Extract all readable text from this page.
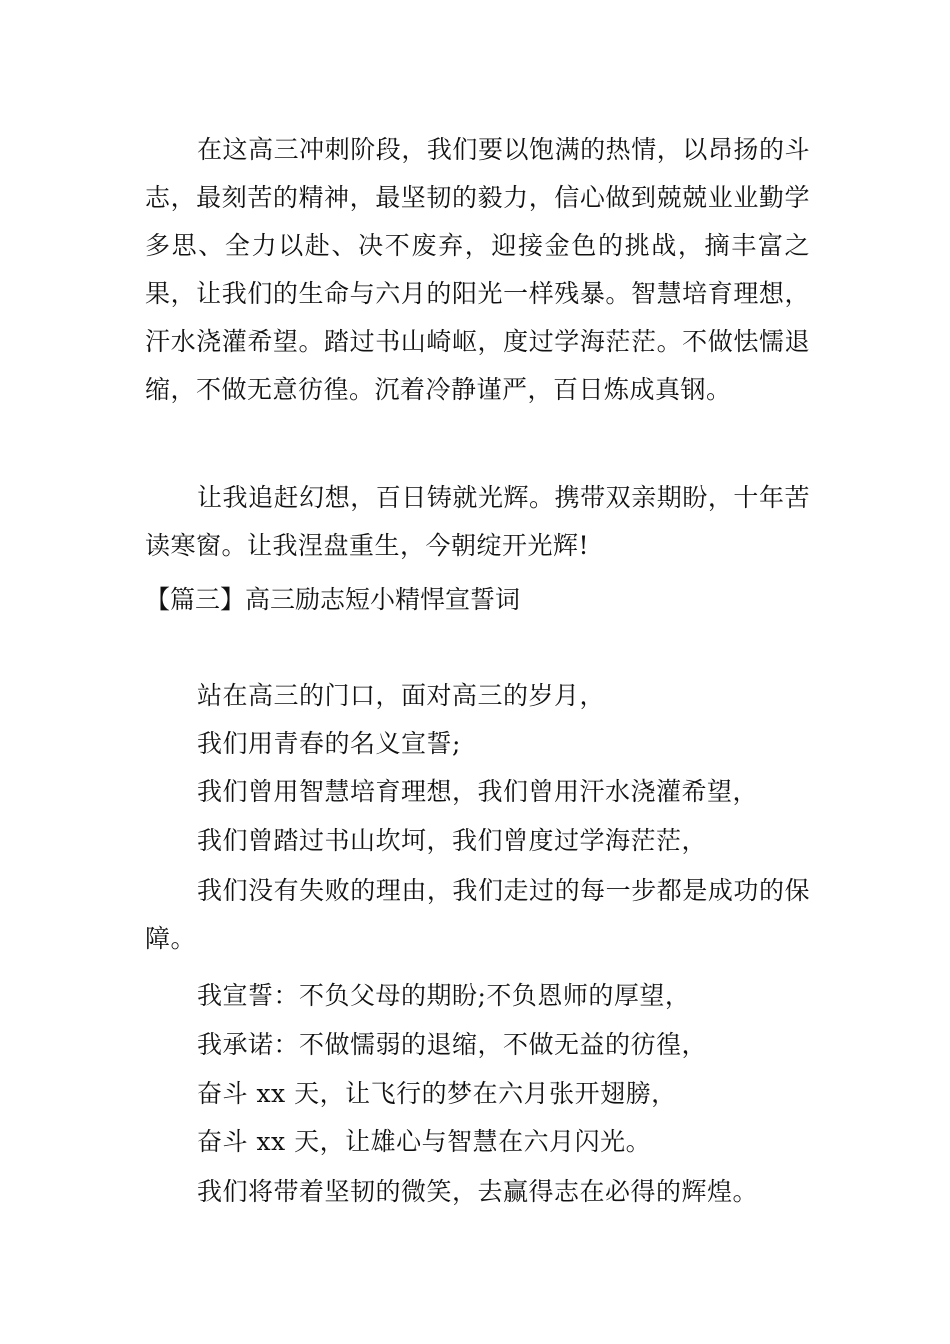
在这高三冲刺阶段，我们要以饱满的热情，以昂扬的斗志，最刻苦的精神，最坚韧的毅力，信心做到兢兢业业勤学多思、全力以赴、决不废弃，迎接金色的挑战，摘丰富之果，让我们的生命与六月的阳光一样残暴。智慧培育理想，汗水浇灌希望。踏过书山崎岖，度过学海茫茫。不做怯懦退缩，不做无意彷徨。沉着冷静谨严，百日炼成真钢。

让我追赶幻想，百日铸就光辉。携带双亲期盼，十年苦读寒窗。让我涅盘重生，今朝绽开光辉!

【篇三】高三励志短小精悍宣誓词

站在高三的门口，面对高三的岁月，

我们用青春的名义宣誓;

我们曾用智慧培育理想，我们曾用汗水浇灌希望，

我们曾踏过书山坎坷，我们曾度过学海茫茫，

我们没有失败的理由，我们走过的每一步都是成功的保障。

我宣誓：不负父母的期盼;不负恩师的厚望，

我承诺：不做懦弱的退缩，不做无益的彷徨，

奋斗 xx 天，让飞行的梦在六月张开翅膀，

奋斗 xx 天，让雄心与智慧在六月闪光。

我们将带着坚韧的微笑，去赢得志在必得的辉煌。
